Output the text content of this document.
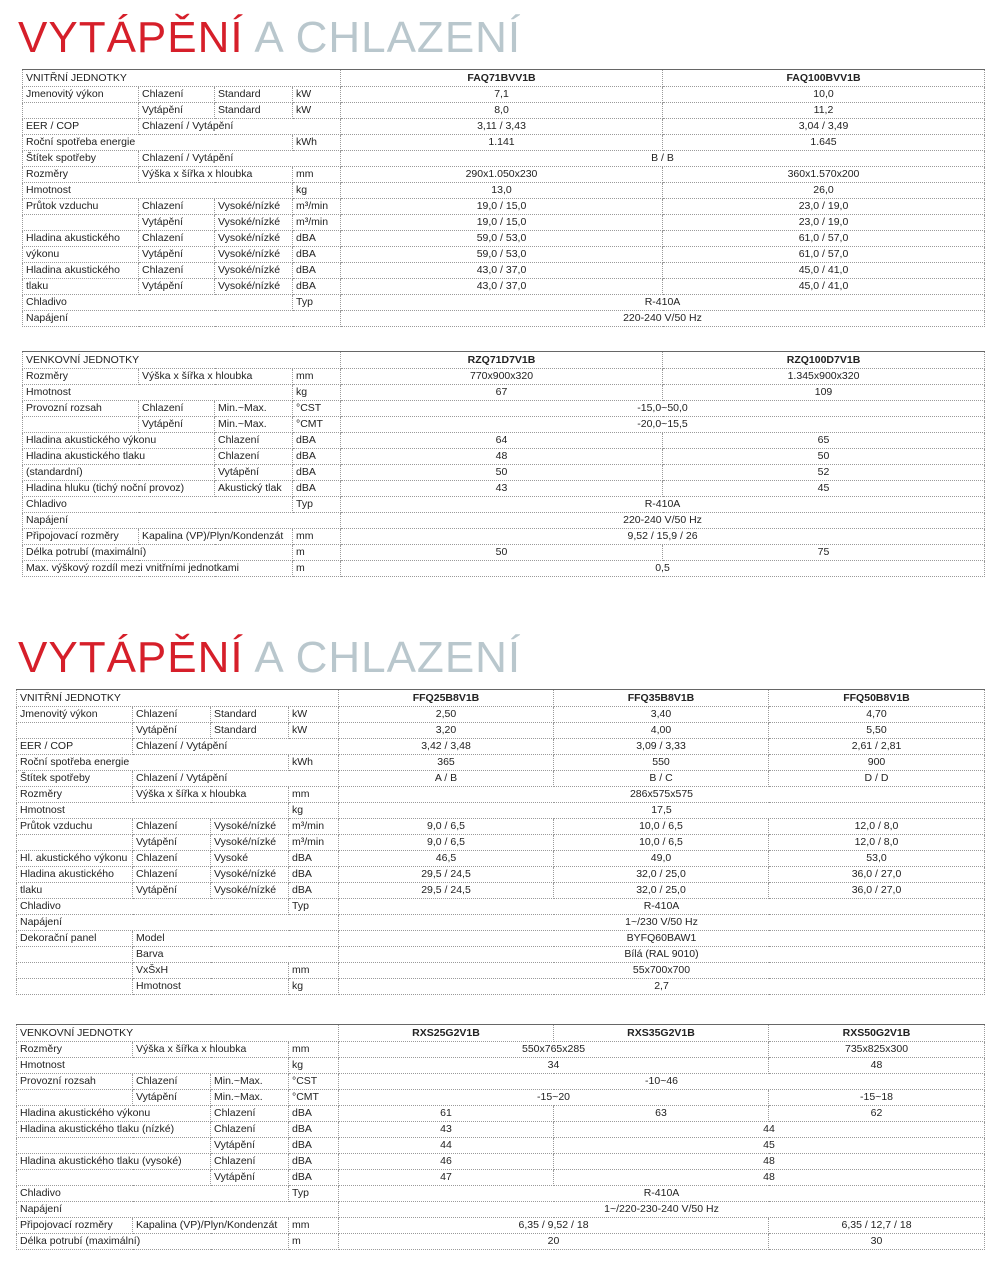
VYTÁPĚNÍ A CHLAZENÍ
VNITŘNÍ JEDNOTKY				FAQ71BVV1B	FAQ100BVV1B
Jmenovitý výkon	Chlazení	Standard	kW	7,1	10,0
	Vytápění	Standard	kW	8,0	11,2
EER / COP	Chlazení / Vytápění			3,11 / 3,43	3,04 / 3,49
Roční spotřeba energie			kWh	1.141	1.645
Štítek spotřeby	Chlazení / Vytápění			B / B	
Rozměry	Výška x šířka x hloubka		mm	290x1.050x230	360x1.570x200
Hmotnost			kg	13,0	26,0
Průtok vzduchu	Chlazení	Vysoké/nízké	m³/min	19,0 / 15,0	23,0 / 19,0
	Vytápění	Vysoké/nízké	m³/min	19,0 / 15,0	23,0 / 19,0
Hladina akustického	Chlazení	Vysoké/nízké	dBA	59,0 / 53,0	61,0 / 57,0
výkonu	Vytápění	Vysoké/nízké	dBA	59,0 / 53,0	61,0 / 57,0
Hladina akustického	Chlazení	Vysoké/nízké	dBA	43,0 / 37,0	45,0 / 41,0
tlaku	Vytápění	Vysoké/nízké	dBA	43,0 / 37,0	45,0 / 41,0
Chladivo			Typ	R-410A	
Napájení				220-240 V/50 Hz	
VENKOVNÍ JEDNOTKY				RZQ71D7V1B	RZQ100D7V1B
Rozměry	Výška x šířka x hloubka		mm	770x900x320	1.345x900x320
Hmotnost			kg	67	109
Provozní rozsah	Chlazení	Min.~Max.	°CST	-15,0~50,0	
	Vytápění	Min.~Max.	°CMT	-20,0~15,5	
Hladina akustického výkonu		Chlazení	dBA	64	65
Hladina akustického tlaku		Chlazení	dBA	48	50
(standardní)		Vytápění	dBA	50	52
Hladina hluku (tichý noční provoz)		Akustický tlak	dBA	43	45
Chladivo			Typ	R-410A	
Napájení				220-240 V/50 Hz	
Připojovací rozměry	Kapalina (VP)/Plyn/Kondenzát		mm	9,52 / 15,9 / 26	
Délka potrubí (maximální)			m	50	75
Max. výškový rozdíl mezi vnitřními jednotkami			m	0,5	
VYTÁPĚNÍ A CHLAZENÍ
VNITŘNÍ JEDNOTKY				FFQ25B8V1B	FFQ35B8V1B	FFQ50B8V1B
Jmenovitý výkon	Chlazení	Standard	kW	2,50	3,40	4,70
	Vytápění	Standard	kW	3,20	4,00	5,50
EER / COP	Chlazení / Vytápění			3,42 / 3,48	3,09 / 3,33	2,61 / 2,81
Roční spotřeba energie			kWh	365	550	900
Štítek spotřeby	Chlazení / Vytápění			A / B	B / C	D / D
Rozměry	Výška x šířka x hloubka		mm	286x575x575		
Hmotnost			kg	17,5		
Průtok vzduchu	Chlazení	Vysoké/nízké	m³/min	9,0 / 6,5	10,0 / 6,5	12,0 / 8,0
	Vytápění	Vysoké/nízké	m³/min	9,0 / 6,5	10,0 / 6,5	12,0 / 8,0
Hl. akustického výkonu	Chlazení	Vysoké	dBA	46,5	49,0	53,0
Hladina akustického	Chlazení	Vysoké/nízké	dBA	29,5 / 24,5	32,0 / 25,0	36,0 / 27,0
tlaku	Vytápění	Vysoké/nízké	dBA	29,5 / 24,5	32,0 / 25,0	36,0 / 27,0
Chladivo			Typ	R-410A		
Napájení				1~/230 V/50 Hz		
Dekorační panel	Model			BYFQ60BAW1		
	Barva			Bílá (RAL 9010)		
	VxŠxH		mm	55x700x700		
	Hmotnost		kg	2,7		
VENKOVNÍ JEDNOTKY				RXS25G2V1B	RXS35G2V1B	RXS50G2V1B
Rozměry	Výška x šířka x hloubka		mm	550x765x285		735x825x300
Hmotnost			kg	34		48
Provozní rozsah	Chlazení	Min.~Max.	°CST	-10~46		
	Vytápění	Min.~Max.	°CMT	-15~20		-15~18
Hladina akustického výkonu		Chlazení	dBA	61	63	62
Hladina akustického tlaku (nízké)		Chlazení	dBA	43	44	
		Vytápění	dBA	44	45	
Hladina akustického tlaku (vysoké)		Chlazení	dBA	46	48	
		Vytápění	dBA	47	48	
Chladivo			Typ	R-410A		
Napájení				1~/220-230-240 V/50 Hz		
Připojovací rozměry	Kapalina (VP)/Plyn/Kondenzát		mm	6,35 / 9,52 / 18		6,35 / 12,7 / 18
Délka potrubí (maximální)			m	20		30
